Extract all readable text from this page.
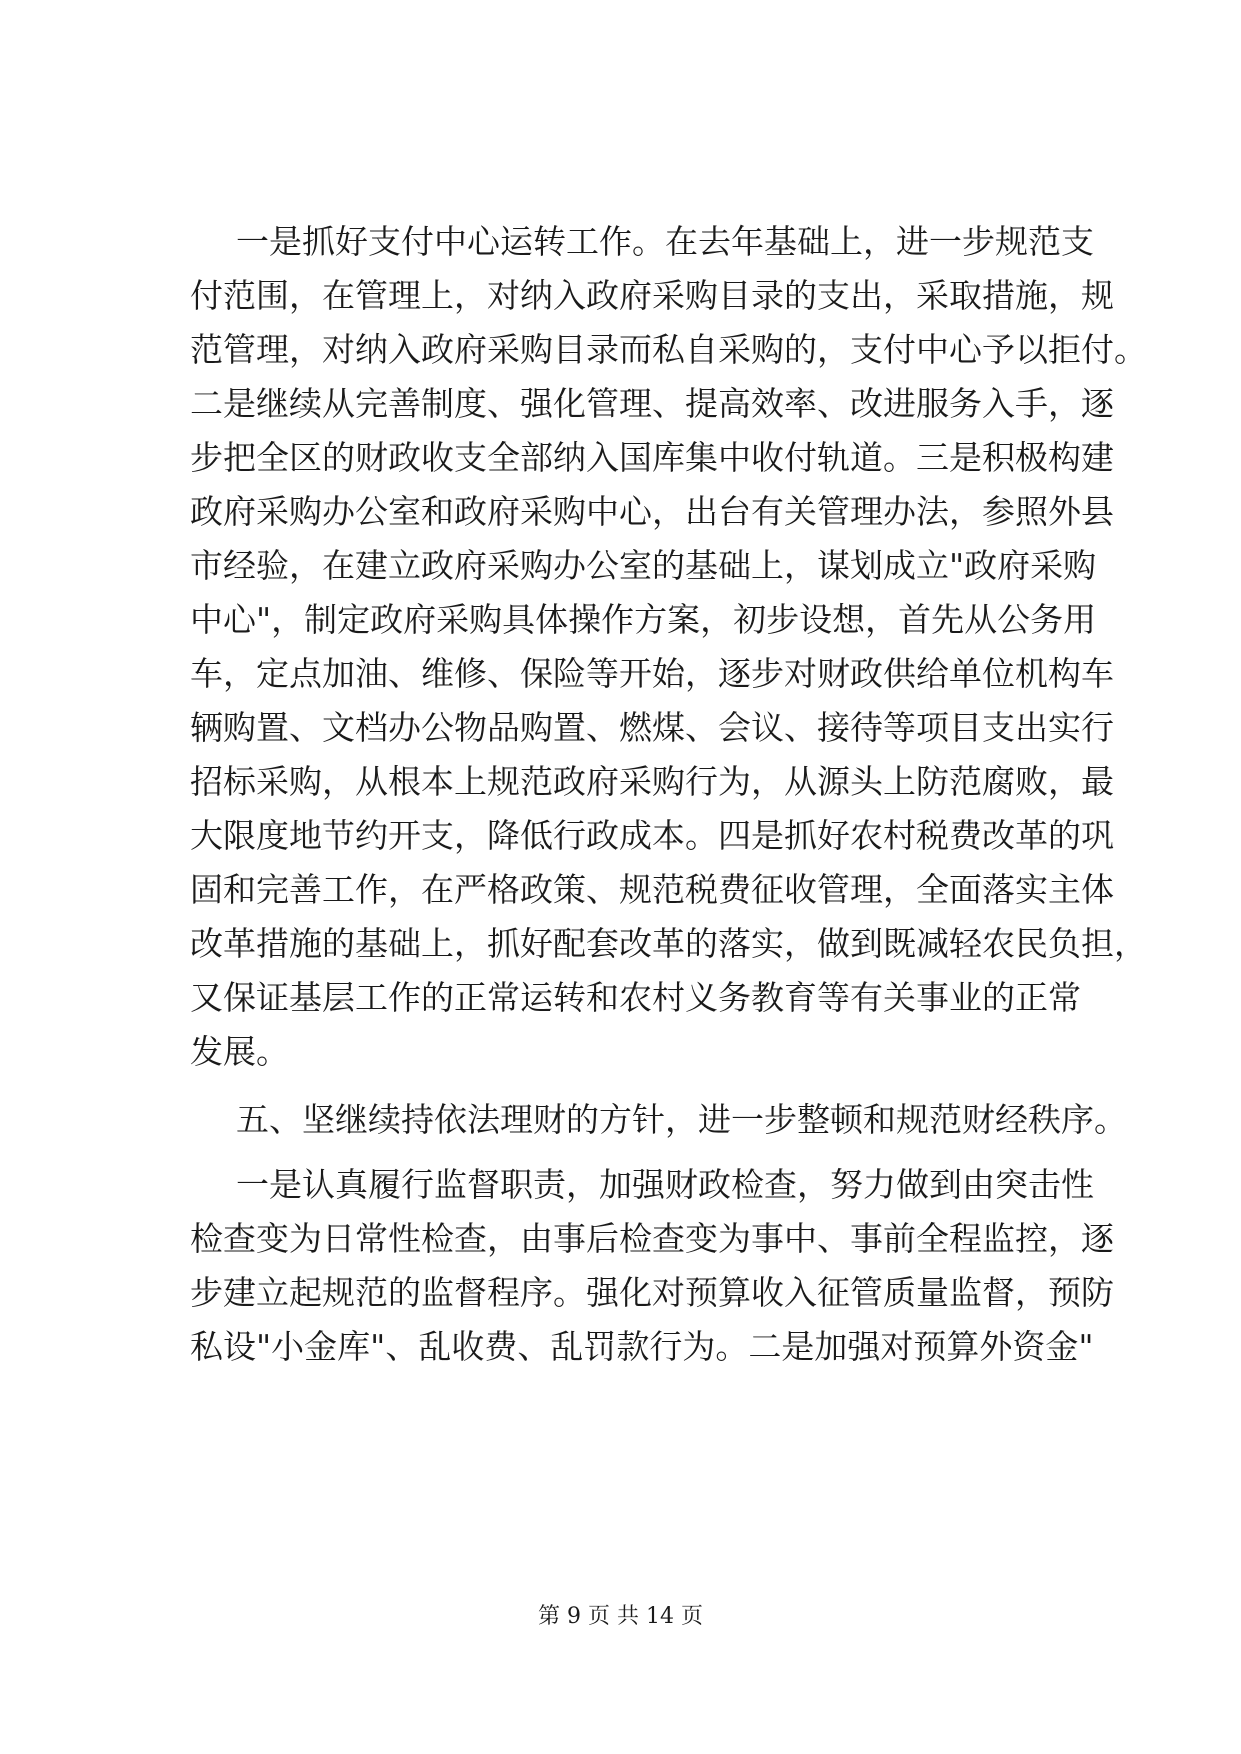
一是抓好支付中心运转工作。在去年基础上，进一步规范支
付范围，在管理上，对纳入政府采购目录的支出，采取措施，规
范管理，对纳入政府采购目录而私自采购的，支付中心予以拒付。
二是继续从完善制度、强化管理、提高效率、改进服务入手，逐
步把全区的财政收支全部纳入国库集中收付轨道。三是积极构建
政府采购办公室和政府采购中心，出台有关管理办法，参照外县
市经验，在建立政府采购办公室的基础上，谋划成立"政府采购
中心"，制定政府采购具体操作方案，初步设想，首先从公务用
车，定点加油、维修、保险等开始，逐步对财政供给单位机构车
辆购置、文档办公物品购置、燃煤、会议、接待等项目支出实行
招标采购，从根本上规范政府采购行为，从源头上防范腐败，最
大限度地节约开支，降低行政成本。四是抓好农村税费改革的巩
固和完善工作，在严格政策、规范税费征收管理，全面落实主体
改革措施的基础上，抓好配套改革的落实，做到既减轻农民负担，
又保证基层工作的正常运转和农村义务教育等有关事业的正常
发展。
五、坚继续持依法理财的方针，进一步整顿和规范财经秩序。
一是认真履行监督职责，加强财政检查，努力做到由突击性
检查变为日常性检查，由事后检查变为事中、事前全程监控，逐
步建立起规范的监督程序。强化对预算收入征管质量监督，预防
私设"小金库"、乱收费、乱罚款行为。二是加强对预算外资金"
第 9 页 共 14 页
